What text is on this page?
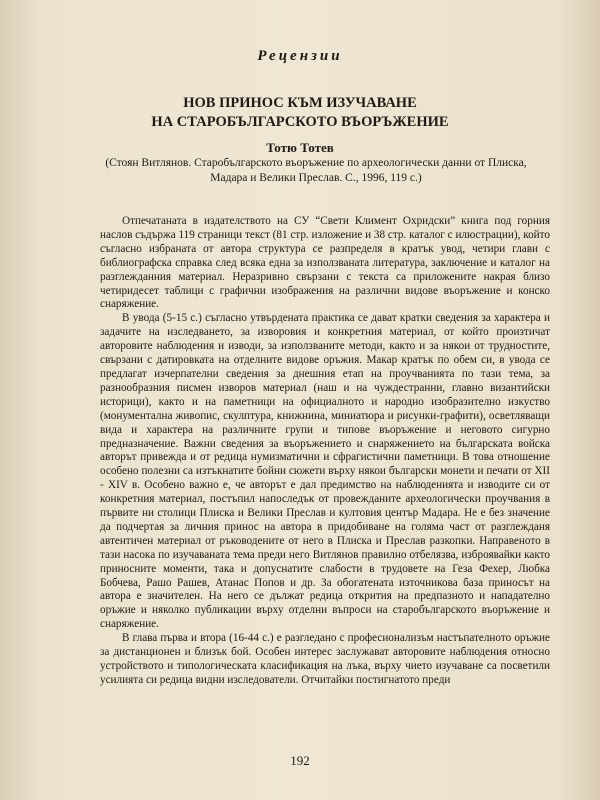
Рецензии
НОВ ПРИНОС КЪМ ИЗУЧАВАНЕ
НА СТАРОБЪЛГАРСКОТО ВЪОРЪЖЕНИЕ
Тотю Тотев
(Стоян Витлянов. Старобългарското въоръжение по археологически данни от Плиска, Мадара и Велики Преслав. С., 1996, 119 с.)

Отпечатаната в издателството на СУ “Свети Климент Охридски” книга под горния наслов съдържа 119 страници текст (81 стр. изложение и 38 стр. каталог с илюстрации), който съгласно избраната от автора структура се разпределя в кратък увод, четири глави с библиографска справка след всяка една за използваната литература, заключение и каталог на разглежданния материал. Неразривно свързани с текста са приложените накрая близо четиридесет таблици с графични изображения на различни видове въоръжение и конско снаряжение.

В увода (5-15 с.) съгласно утвърдената практика се дават кратки сведения за характера и задачите на изследването, за изворовия и конкретния материал, от който произтичат авторовите наблюдения и изводи, за използваните методи, както и за някои от трудностите, свързани с датировката на отделните видове оръжия. Макар кратък по обем си, в увода се предлагат изчерпателни сведения за днешния етап на проучванията по тази тема, за разнообразния писмен изворов материал (наш и на чуждестранни, главно византийски историци), както и на паметници на официалното и народно изобразително изкуство (монументална живопис, скулптура, книжнина, миниатюра и рисунки-графити), осветляващи вида и характера на различните групи и типове въоръжение и неговото сигурно предназначение. Важни сведения за въоръжението и снаряжението на българската войска авторът привежда и от редица нумизматични и сфрагистични паметници. В това отношение особено полезни са изтъкнатите бойни сюжети върху някои български монети и печати от XII - XIV в. Особено важно е, че авторът е дал предимство на наблюденията и изводите си от конкретния материал, постъпил напоследък от провежданите археологически проучвания в първите ни столици Плиска и Велики Преслав и култовия център Мадара. Не е без значение да подчертая за личния принос на автора в придобиване на голяма част от разглежданя автентичен материал от ръководените от него в Плиска и Преслав разкопки. Направеното в тази насока по изучаваната тема преди него Витлянов правилно отбелязва, изброявайки както приносните моменти, така и допуснатите слабости в трудовете на Геза Фехер, Любка Бобчева, Рашо Рашев, Атанас Попов и др. За обогатената източникова база приносът на автора е значителен. На него се дължат редица открития на предпазното и нападателно оръжие и няколко публикации върху отделни въпроси на старобългарското въоръжение и снаряжение.

В глава първа и втора (16-44 с.) е разгледано с професионализъм настъпателното оръжие за дистанционен и близък бой. Особен интерес заслужават авторовите наблюдения относно устройството и типологическата класификация на лъка, върху чието изучаване са посветили усилията си редица видни изследователи. Отчитайки постигнатото преди

192
